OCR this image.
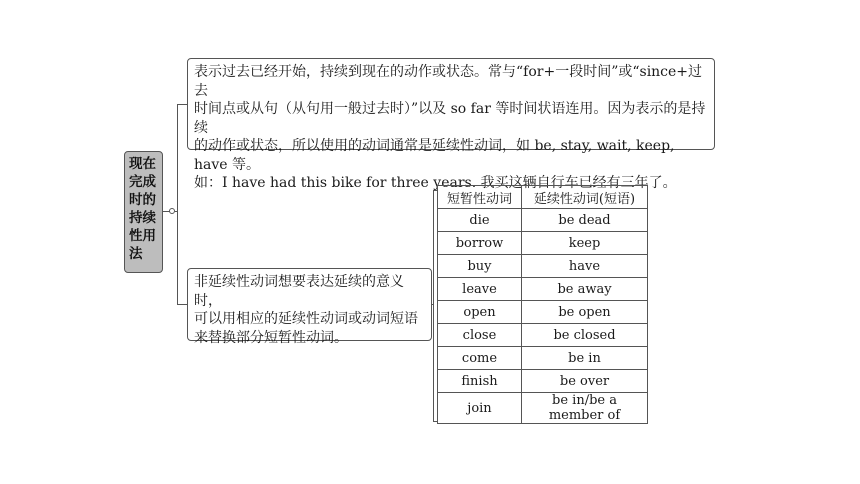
现在完成时的持续性用法
表示过去已经开始，持续到现在的动作或状态。常与“for+一段时间”或“since+过去
时间点或从句（从句用一般过去时）”以及 so far 等时间状语连用。因为表示的是持续
的动作或状态，所以使用的动词通常是延续性动词，如 be, stay, wait, keep, have 等。
如：I have had this bike for three years. 我买这辆自行车已经有三年了。
非延续性动词想要表达延续的意义时，
可以用相应的延续性动词或动词短语
来替换部分短暂性动词。
短暂性动词	延续性动词(短语)
die	be dead
borrow	keep
buy	have
leave	be away
open	be open
close	be closed
come	be in
finish	be over
join	be in/be a member of
